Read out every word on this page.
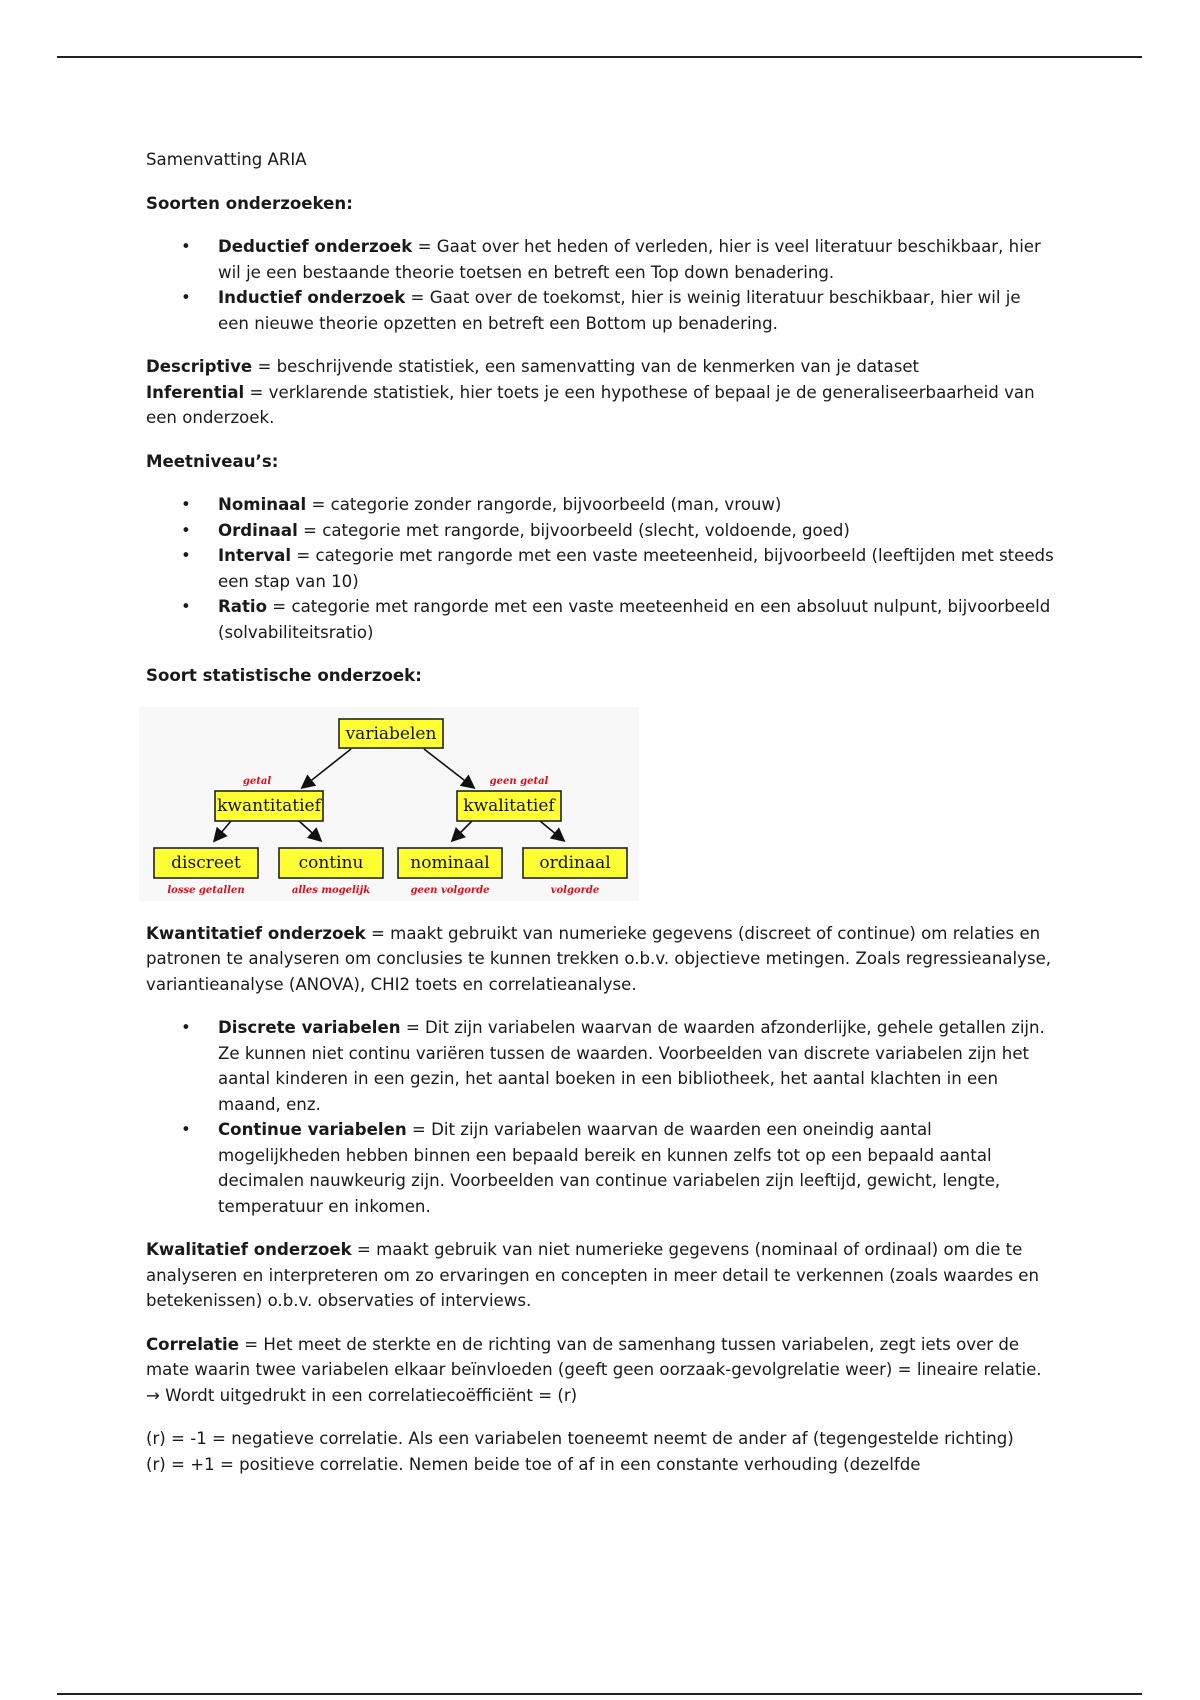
Samenvatting ARIA

Soorten onderzoeken:

• Deductief onderzoek = Gaat over het heden of verleden, hier is veel literatuur beschikbaar, hier wil je een bestaande theorie toetsen en betreft een Top down benadering.
• Inductief onderzoek = Gaat over de toekomst, hier is weinig literatuur beschikbaar, hier wil je een nieuwe theorie opzetten en betreft een Bottom up benadering.

Descriptive = beschrijvende statistiek, een samenvatting van de kenmerken van je dataset

Inferential = verklarende statistiek, hier toets je een hypothese of bepaal je de generaliseerbaarheid van een onderzoek.

Meetniveau’s:

• Nominaal = categorie zonder rangorde, bijvoorbeeld (man, vrouw)
• Ordinaal = categorie met rangorde, bijvoorbeeld (slecht, voldoende, goed)
• Interval = categorie met rangorde met een vaste meeteenheid, bijvoorbeeld (leeftijden met steeds een stap van 10)
• Ratio = categorie met rangorde met een vaste meeteenheid en een absoluut nulpunt, bijvoorbeeld (solvabiliteitsratio)

Soort statistische onderzoek:

variabelen
getal	geen getal
kwantitatief	kwalitatief
discreet	continu	nominaal	ordinaal
losse getallen	alles mogelijk	geen volgorde	volgorde

Kwantitatief onderzoek = maakt gebruikt van numerieke gegevens (discreet of continue) om relaties en patronen te analyseren om conclusies te kunnen trekken o.b.v. objectieve metingen. Zoals regressieanalyse, variantieanalyse (ANOVA), CHI2 toets en correlatieanalyse.

• Discrete variabelen = Dit zijn variabelen waarvan de waarden afzonderlijke, gehele getallen zijn. Ze kunnen niet continu variëren tussen de waarden. Voorbeelden van discrete variabelen zijn het aantal kinderen in een gezin, het aantal boeken in een bibliotheek, het aantal klachten in een maand, enz.
• Continue variabelen = Dit zijn variabelen waarvan de waarden een oneindig aantal mogelijkheden hebben binnen een bepaald bereik en kunnen zelfs tot op een bepaald aantal decimalen nauwkeurig zijn. Voorbeelden van continue variabelen zijn leeftijd, gewicht, lengte, temperatuur en inkomen.

Kwalitatief onderzoek = maakt gebruik van niet numerieke gegevens (nominaal of ordinaal) om die te analyseren en interpreteren om zo ervaringen en concepten in meer detail te verkennen (zoals waardes en betekenissen) o.b.v. observaties of interviews.

Correlatie = Het meet de sterkte en de richting van de samenhang tussen variabelen, zegt iets over de mate waarin twee variabelen elkaar beïnvloeden (geeft geen oorzaak-gevolgrelatie weer) = lineaire relatie. → Wordt uitgedrukt in een correlatiecoëfficiënt = (r)

(r) = -1 = negatieve correlatie. Als een variabelen toeneemt neemt de ander af (tegengestelde richting)

(r) = +1 = positieve correlatie. Nemen beide toe of af in een constante verhouding (dezelfde
